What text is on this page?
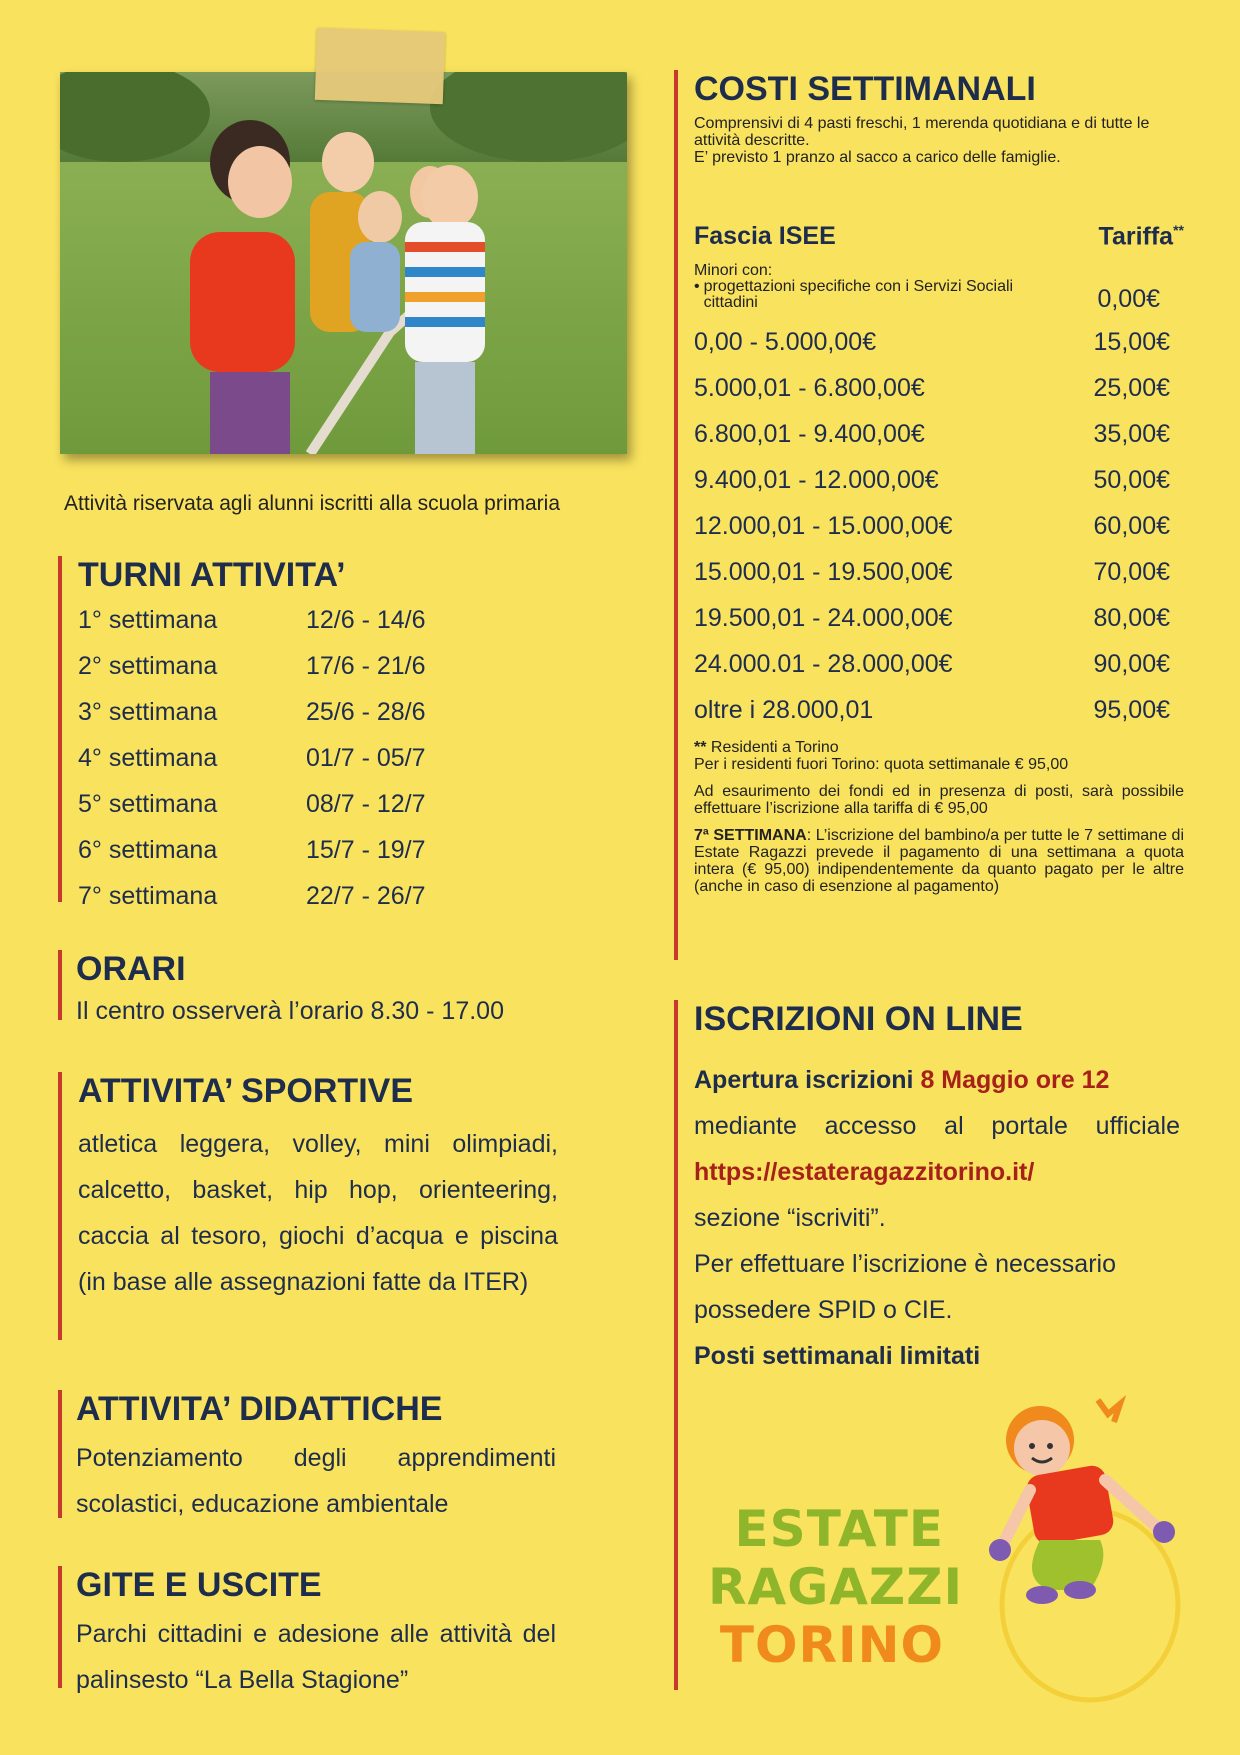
Attività riservata agli alunni iscritti alla scuola primaria
TURNI ATTIVITA’
1° settimana	12/6 - 14/6
2° settimana	17/6 - 21/6
3° settimana	25/6 - 28/6
4° settimana	01/7 - 05/7
5° settimana	08/7 - 12/7
6° settimana	15/7 - 19/7
7° settimana	22/7 - 26/7
ORARI
Il centro osserverà l’orario 8.30 - 17.00
ATTIVITA’ SPORTIVE
atletica leggera, volley, mini olimpiadi, calcetto, basket, hip hop, orienteering, caccia al tesoro, giochi d’acqua e piscina (in base alle assegnazioni fatte da ITER)
ATTIVITA’ DIDATTICHE
Potenziamento degli apprendimenti scolastici, educazione ambientale
GITE E USCITE
Parchi cittadini e adesione alle attività del palinsesto “La Bella Stagione”
COSTI SETTIMANALI
Comprensivi di 4 pasti freschi, 1 merenda quotidiana e di tutte le attività descritte.
E’ previsto 1 pranzo al sacco a carico delle famiglie.
Fascia ISEE	Tariffa**
Minori con:
• progettazioni specifiche con i Servizi Sociali cittadini	0,00€
0,00 - 5.000,00€	15,00€
5.000,01 - 6.800,00€	25,00€
6.800,01 - 9.400,00€	35,00€
9.400,01 - 12.000,00€	50,00€
12.000,01 - 15.000,00€	60,00€
15.000,01 - 19.500,00€	70,00€
19.500,01 - 24.000,00€	80,00€
24.000.01 - 28.000,00€	90,00€
oltre i 28.000,01	95,00€
** Residenti a Torino
Per i residenti fuori Torino: quota settimanale € 95,00
Ad esaurimento dei fondi ed in presenza di posti, sarà possibile effettuare l’iscrizione alla tariffa di € 95,00
7ª SETTIMANA: L’iscrizione del bambino/a per tutte le 7 settimane di Estate Ragazzi prevede il pagamento di una settimana a quota intera (€ 95,00) indipendentemente da quanto pagato per le altre (anche in caso di esenzione al pagamento)
ISCRIZIONI ON LINE
Apertura iscrizioni 8 Maggio ore 12
mediante accesso al portale ufficiale
https://estateragazzitorino.it/
sezione “iscriviti”.
Per effettuare l’iscrizione è necessario
possedere SPID o CIE.
Posti settimanali limitati
ESTATE
RAGAZZI
TORINO
